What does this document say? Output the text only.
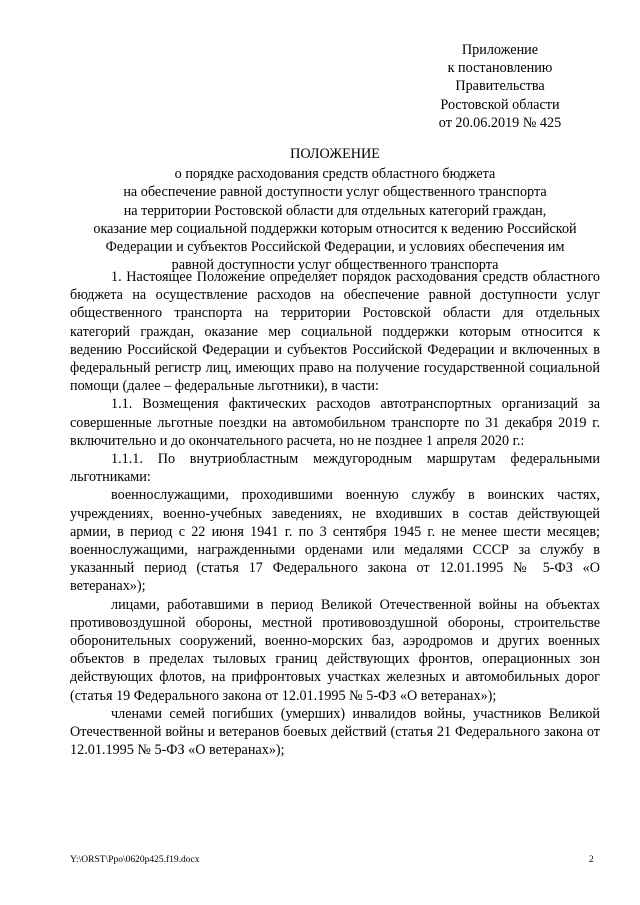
Приложение
к постановлению
Правительства
Ростовской области
от 20.06.2019 № 425
ПОЛОЖЕНИЕ
о порядке расходования средств областного бюджета
на обеспечение равной доступности услуг общественного транспорта
на территории Ростовской области для отдельных категорий граждан,
оказание мер социальной поддержки которым относится к ведению Российской
Федерации и субъектов Российской Федерации, и условиях обеспечения им
равной доступности услуг общественного транспорта

1. Настоящее Положение определяет порядок расходования средств областного бюджета на осуществление расходов на обеспечение равной доступности услуг общественного транспорта на территории Ростовской области для отдельных категорий граждан, оказание мер социальной поддержки которым относится к ведению Российской Федерации и субъектов Российской Федерации и включенных в федеральный регистр лиц, имеющих право на получение государственной социальной помощи (далее – федеральные льготники), в части:

1.1. Возмещения фактических расходов автотранспортных организаций за совершенные льготные поездки на автомобильном транспорте по 31 декабря 2019 г. включительно и до окончательного расчета, но не позднее 1 апреля 2020 г.:

1.1.1. По внутриобластным междугородным маршрутам федеральными льготниками:

военнослужащими, проходившими военную службу в воинских частях, учреждениях, военно-учебных заведениях, не входивших в состав действующей армии, в период с 22 июня 1941 г. по 3 сентября 1945 г. не менее шести месяцев; военнослужащими, награжденными орденами или медалями СССР за службу в указанный период (статья 17 Федерального закона от 12.01.1995 № 5-ФЗ «О ветеранах»);

лицами, работавшими в период Великой Отечественной войны на объектах противовоздушной обороны, местной противовоздушной обороны, строительстве оборонительных сооружений, военно-морских баз, аэродромов и других военных объектов в пределах тыловых границ действующих фронтов, операционных зон действующих флотов, на прифронтовых участках железных и автомобильных дорог (статья 19 Федерального закона от 12.01.1995 № 5-ФЗ «О ветеранах»);

членами семей погибших (умерших) инвалидов войны, участников Великой Отечественной войны и ветеранов боевых действий (статья 21 Федерального закона от 12.01.1995 № 5-ФЗ «О ветеранах»);

Y:\ORST\Ppo\0620p425.f19.docx	2
